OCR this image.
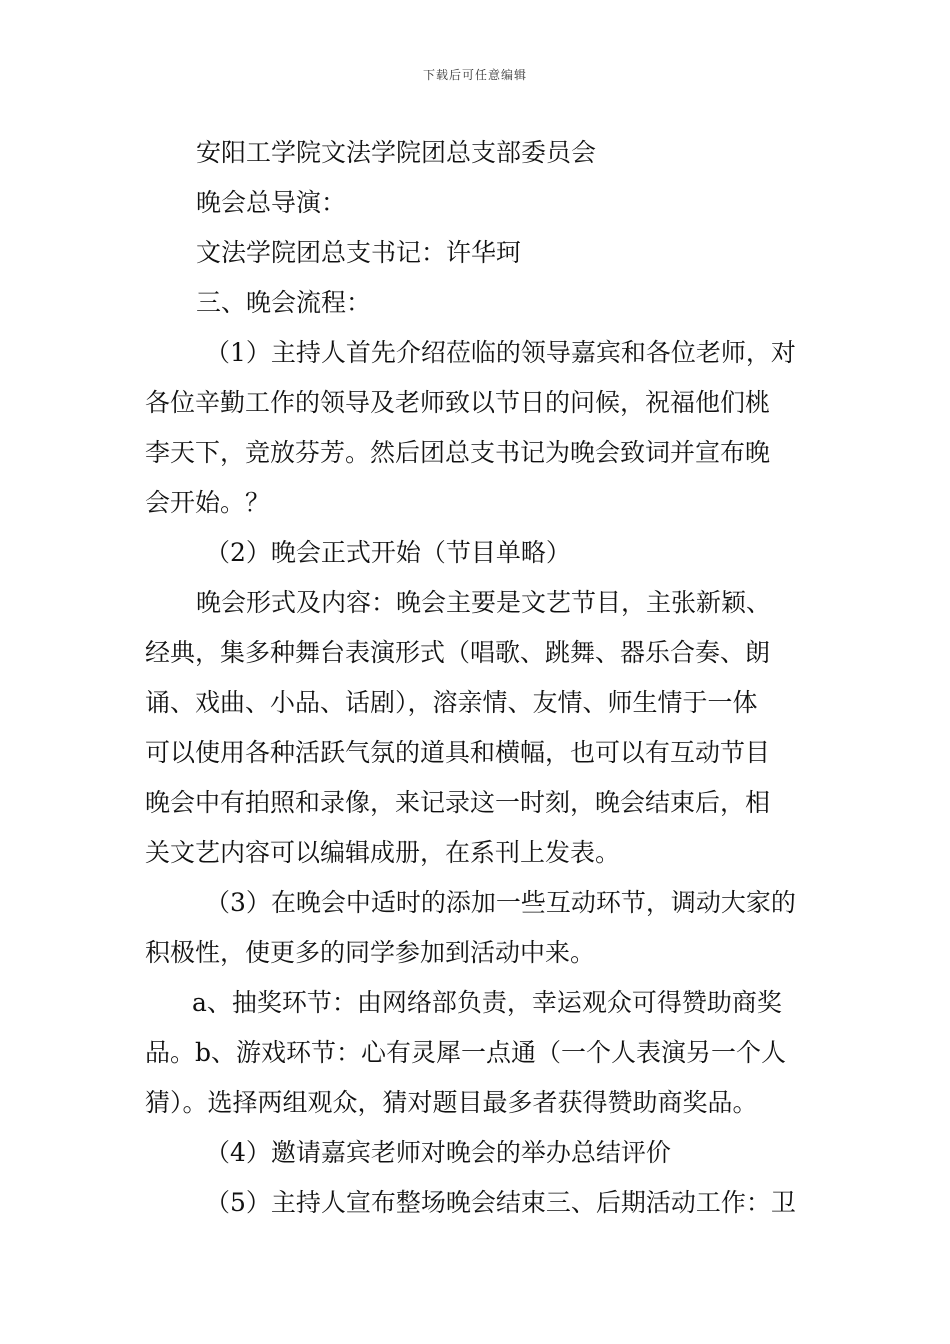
下载后可任意编辑

安阳工学院文法学院团总支部委员会

晚会总导演：

文法学院团总支书记：许华珂

三、晚会流程：

（1）主持人首先介绍莅临的领导嘉宾和各位老师，对

各位辛勤工作的领导及老师致以节日的问候，祝福他们桃

李天下，竞放芬芳。然后团总支书记为晚会致词并宣布晚

会开始。？

（2）晚会正式开始（节目单略）

晚会形式及内容：晚会主要是文艺节目，主张新颖、

经典，集多种舞台表演形式（唱歌、跳舞、器乐合奏、朗

诵、戏曲、小品、话剧），溶亲情、友情、师生情于一体

可以使用各种活跃气氛的道具和横幅，也可以有互动节目

晚会中有拍照和录像，来记录这一时刻，晚会结束后，相

关文艺内容可以编辑成册，在系刊上发表。

（3）在晚会中适时的添加一些互动环节，调动大家的

积极性，使更多的同学参加到活动中来。

a、抽奖环节：由网络部负责，幸运观众可得赞助商奖

品。b、游戏环节：心有灵犀一点通（一个人表演另一个人

猜）。选择两组观众，猜对题目最多者获得赞助商奖品。

（4）邀请嘉宾老师对晚会的举办总结评价

（5）主持人宣布整场晚会结束三、后期活动工作：卫
